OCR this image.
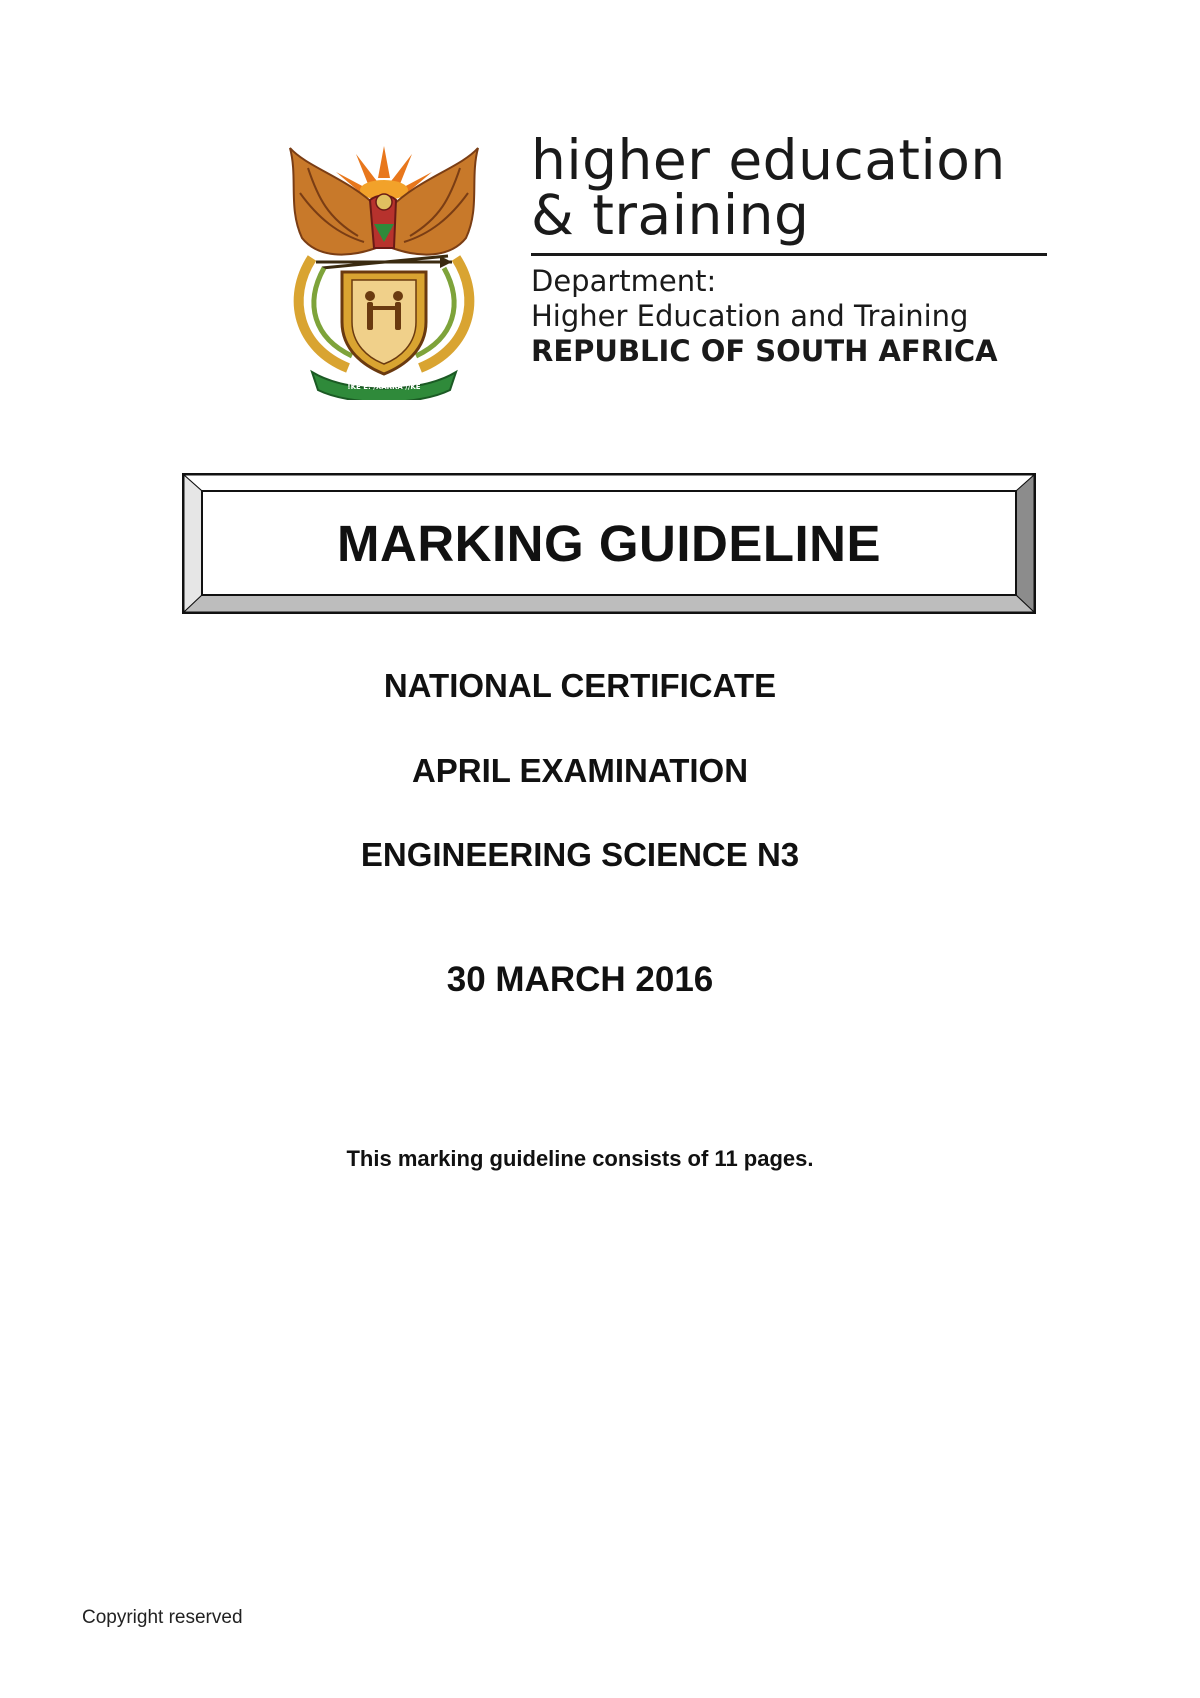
!KE E: /XARRA //KE
higher education
& training
Department:
Higher Education and Training
REPUBLIC OF SOUTH AFRICA
MARKING GUIDELINE
NATIONAL CERTIFICATE
APRIL EXAMINATION
ENGINEERING SCIENCE N3
30 MARCH 2016
This marking guideline consists of 11 pages.
Copyright reserved
